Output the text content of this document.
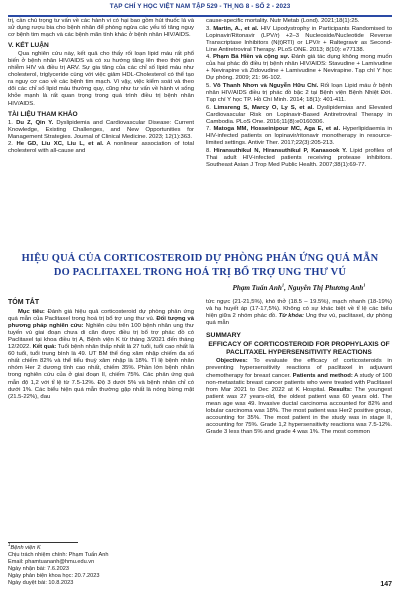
TẠP CHÍ Y HỌC VIỆT NAM TẬP 529 - TH¸NG 8 - SỐ 2 - 2023

trị, cần chú trọng tư vấn về các hành vi có hại bao gồm hút thuốc lá và sử dụng rượu bia cho bệnh nhân để phòng ngừa các yếu tố tăng nguy cơ bệnh tim mạch và các bệnh mãn tính khác ở bệnh nhân HIV/AIDS.

V. KẾT LUẬN

Qua nghiên cứu này, kết quả cho thấy rối loạn lipid máu rất phổ biến ở bệnh nhân HIV/AIDS và có xu hướng tăng lên theo thời gian nhiễm HIV và điều trị ARV. Sự gia tăng của các chỉ số lipid máu như cholesterol, triglyceride cùng với việc giảm HDL-Cholesterol có thể tạo ra nguy cơ cao về các bệnh tim mạch. Vì vậy, việc kiểm soát và theo dõi các chỉ số lipid máu thường quy, cũng như tư vấn về hành vi sống khỏe mạnh là rất quan trọng trong quá trình điều trị bệnh nhân HIV/AIDS.

TÀI LIỆU THAM KHẢO

1. Du Z, Qin Y. Dyslipidemia and Cardiovascular Disease: Current Knowledge, Existing Challenges, and New Opportunities for Management Strategies. Journal of Clinical Medicine. 2023; 12(1):363.

2. He GD, Liu XC, Liu L, et al. A nonlinear association of total cholesterol with all-cause and

cause-specific mortality. Nutr Metab (Lond). 2021;18(1):25.

3. Martin, A., et al. HIV Lipodystrophy in Participants Randomised to Lopinavir/Ritonavir (LPV/r) +2–3 Nucleoside/Nucleotide Reverse Transcriptase Inhibitors (N(t)RTI) or LPV/r + Raltegravir as Second-Line Antiretroviral Therapy. PLoS ONE. 2013; 8(10): e77138.

4. Phạm Bá Hiền và cộng sự. Đánh giá tác dụng không mong muốn của hai phác đồ điều trị bệnh nhân HIV/AIDS: Stavudine + Lamivudine + Nevirapine và Zidovudine + Lamivudine + Nevirapine. Tạp chí Y học Dự phòng. 2009; 21: 96-102.

5. Võ Thanh Nhơn và Nguyễn Hữu Chí. Rối loạn Lipid máu ở bệnh nhân HIV/AIDS điều trị phác đồ bậc 2 tại Bệnh viện Bệnh Nhiệt Đới. Tạp chí Y học TP. Hồ Chí Minh. 2014; 18(1): 401-411.

6. Limsreng S, Marcy O, Ly S, et al. Dyslipidemias and Elevated Cardiovascular Risk on Lopinavir-Based Antiretroviral Therapy in Cambodia. PLoS One. 2016;11(8):e0160306.

7. Matoga MM, Hosseinipour MC, Aga E, et al. Hyperlipidaemia in HIV-infected patients on lopinavir/ritonavir monotherapy in resource-limited settings. Antivir Ther. 2017;22(3):205-213.

8. Hiransuthikul N, Hiransuthikul P, Kanasook Y. Lipid profiles of Thai adult HIV-infected patients receiving protease inhibitors. Southeast Asian J Trop Med Public Health. 2007;38(1):69-77.

HIỆU QUẢ CỦA CORTICOSTEROID DỰ PHÒNG PHẢN ỨNG QUÁ MẪN
DO PACLITAXEL TRONG HOÁ TRỊ BỔ TRỢ UNG THƯ VÚ
Phạm Tuấn Anh$^1$, Nguyễn Thị Phương Anh$^1$
TÓM TẮT

Mục tiêu: Đánh giá hiệu quả corticosteroid dự phòng phản ứng quá mẫn của Paclitaxel trong hoá trị bổ trợ ung thư vú. Đối tượng và phương pháp nghiên cứu: Nghiên cứu trên 100 bệnh nhân ung thư tuyến vú giai đoạn chưa di căn được điều trị bổ trợ phác đồ có Paclitaxel tại khoa điều trị A, Bệnh viện K từ tháng 3/2021 đến tháng 12/2022. Kết quả: Tuổi bệnh nhân thấp nhất là 27 tuổi, tuổi cao nhất là 60 tuổi, tuổi trung bình là 49. UT BM thể ống xâm nhập chiếm đa số nhất chiếm 82% và thể tiểu thuỳ xâm nhập là 18%. Tỉ lệ bệnh nhân nhóm Her 2 dương tính cao nhất, chiếm 35%. Phần lớn bệnh nhân trong nghiên cứu của ở giai đoạn II, chiếm 75%. Các phản ứng quá mẫn độ 1,2 với tỉ lệ từ 7.5-12%. Độ 3 dưới 5% và bệnh nhân chỉ có dưới 1%. Các biểu hiện quá mẫn thường gặp nhất là nóng bừng mặt (21.5-22%), đau

tức ngực (21-21,5%), khó thở (18.5 – 19.5%), mạch nhanh (18-19%) và hạ huyết áp (17-17,5%). Không có sự khác biệt về tỉ lệ các biểu hiện giữa 2 nhóm phác đồ. Từ khóa: Ung thư vú, paclitaxel, dự phòng quá mẫn

SUMMARY
EFFICACY OF CORTICOSTEROID FOR PROPHYLAXIS OF PACLITAXEL HYPERSENSITIVITY REACTIONS

Objectives: To evaluate the efficacy of corticosteroids in preventing hypersensitivity reactions of paclitaxel in adjuvant chemotherapy for breast cancer. Patients and method: A study of 100 non-metastatic breast cancer patients who were treated with Paclitaxel from Mar 2021 to Dec 2022 at K Hospital. Results: The youngest patient was 27 years-old, the oldest patient was 60 years old. The mean age was 49. Invasive ductal carcinoma accounted for 82% and lobular carcinoma was 18%. The most patient was Her2 positive group, accounting for 35%. The most patient in the study was in stage II, accounting for 75%. Grade 1,2 hypersensitivity reactions was 7.5-12%. Grade 3 less than 5% and grade 4 was 1%. The most common

$^1$Bệnh viện K
Chịu trách nhiệm chính: Phạm Tuấn Anh
Email: phamtuananh@hmu.edu.vn
Ngày nhận bài: 7.6.2023
Ngày phản biện khoa học: 20.7.2023
Ngày duyệt bài: 10.8.2023	147
